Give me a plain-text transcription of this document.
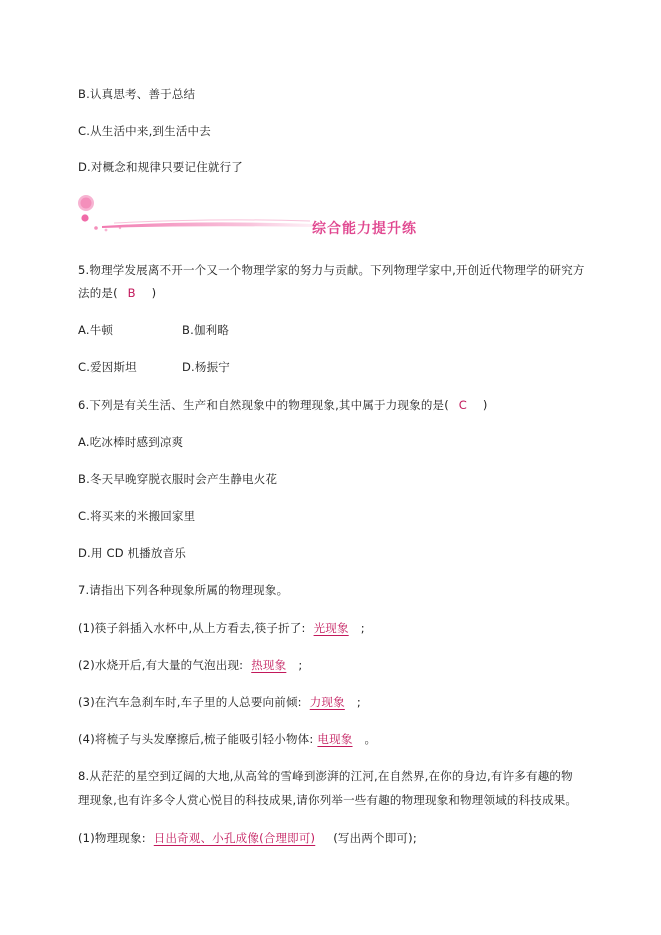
B.认真思考、善于总结
C.从生活中来,到生活中去
D.对概念和规律只要记住就行了
综合能力提升练
5.物理学发展离不开一个又一个物理学家的努力与贡献。下列物理学家中,开创近代物理学的研究方
法的是( B )
A.牛顿	B.伽利略
C.爱因斯坦	D.杨振宁
6.下列是有关生活、生产和自然现象中的物理现象,其中属于力现象的是( C )
A.吃冰棒时感到凉爽
B.冬天早晚穿脱衣服时会产生静电火花
C.将买来的米搬回家里
D.用 CD 机播放音乐
7.请指出下列各种现象所属的物理现象。
(1)筷子斜插入水杯中,从上方看去,筷子折了: 光现象 ;
(2)水烧开后,有大量的气泡出现: 热现象 ;
(3)在汽车急刹车时,车子里的人总要向前倾: 力现象 ;
(4)将梳子与头发摩擦后,梳子能吸引轻小物体: 电现象 。
8.从茫茫的星空到辽阔的大地,从高耸的雪峰到澎湃的江河,在自然界,在你的身边,有许多有趣的物
理现象,也有许多令人赏心悦目的科技成果,请你列举一些有趣的物理现象和物理领域的科技成果。
(1)物理现象: 日出奇观、小孔成像(合理即可) (写出两个即可);
